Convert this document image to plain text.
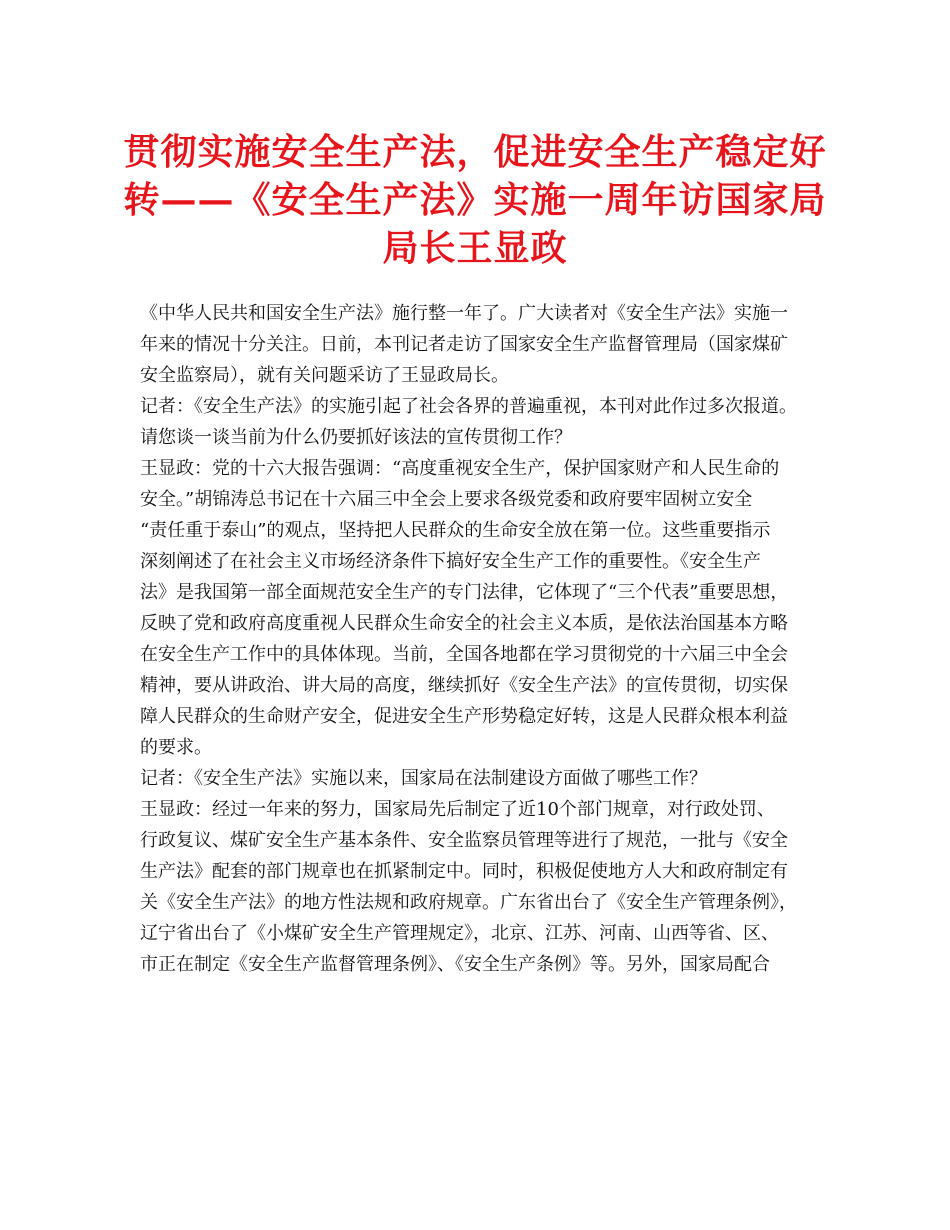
贯彻实施安全生产法，促进安全生产稳定好
转——《安全生产法》实施一周年访国家局
局长王显政
《中华人民共和国安全生产法》施行整一年了。广大读者对《安全生产法》实施一
年来的情况十分关注。日前，本刊记者走访了国家安全生产监督管理局（国家煤矿
安全监察局），就有关问题采访了王显政局长。
记者：《安全生产法》的实施引起了社会各界的普遍重视，本刊对此作过多次报道。
请您谈一谈当前为什么仍要抓好该法的宣传贯彻工作？
王显政：党的十六大报告强调：“高度重视安全生产，保护国家财产和人民生命的
安全。”胡锦涛总书记在十六届三中全会上要求各级党委和政府要牢固树立安全
“责任重于泰山”的观点，坚持把人民群众的生命安全放在第一位。这些重要指示
深刻阐述了在社会主义市场经济条件下搞好安全生产工作的重要性。《安全生产
法》是我国第一部全面规范安全生产的专门法律，它体现了“三个代表”重要思想，
反映了党和政府高度重视人民群众生命安全的社会主义本质，是依法治国基本方略
在安全生产工作中的具体体现。当前，全国各地都在学习贯彻党的十六届三中全会
精神，要从讲政治、讲大局的高度，继续抓好《安全生产法》的宣传贯彻，切实保
障人民群众的生命财产安全，促进安全生产形势稳定好转，这是人民群众根本利益
的要求。
记者：《安全生产法》实施以来，国家局在法制建设方面做了哪些工作？
王显政：经过一年来的努力，国家局先后制定了近10个部门规章，对行政处罚、
行政复议、煤矿安全生产基本条件、安全监察员管理等进行了规范，一批与《安全
生产法》配套的部门规章也在抓紧制定中。同时，积极促使地方人大和政府制定有
关《安全生产法》的地方性法规和政府规章。广东省出台了《安全生产管理条例》，
辽宁省出台了《小煤矿安全生产管理规定》，北京、江苏、河南、山西等省、区、
市正在制定《安全生产监督管理条例》、《安全生产条例》等。另外，国家局配合
